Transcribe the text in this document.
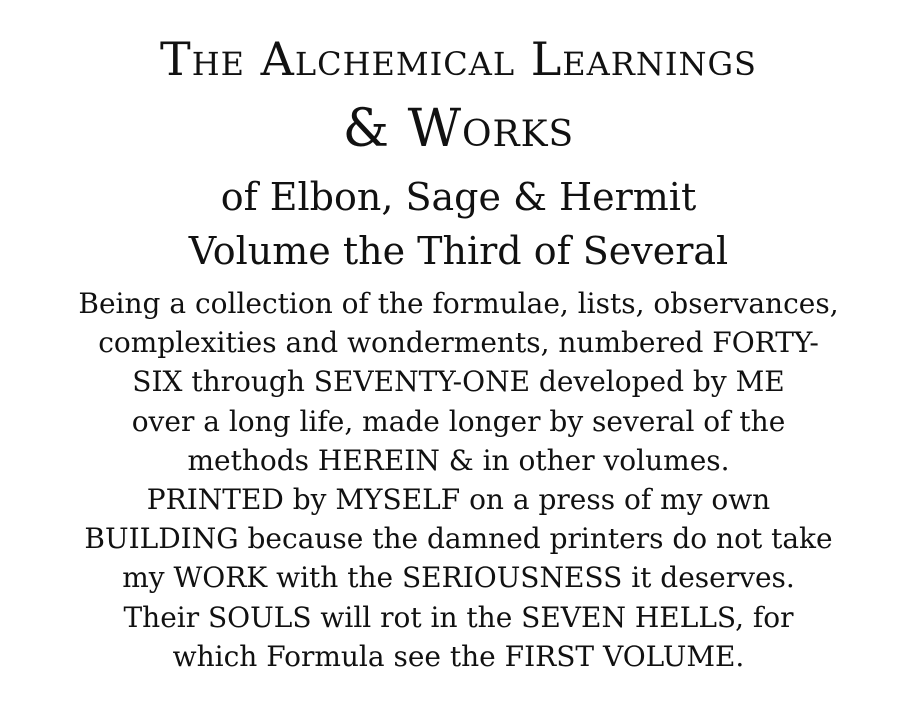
The Alchemical Learnings
& Works
of Elbon, Sage & Hermit
Volume the Third of Several
Being a collection of the formulae, lists, observances,
complexities and wonderments, numbered FORTY-
SIX through SEVENTY-ONE developed by ME
over a long life, made longer by several of the
methods HEREIN & in other volumes.
PRINTED by MYSELF on a press of my own
BUILDING because the damned printers do not take
my WORK with the SERIOUSNESS it deserves.
Their SOULS will rot in the SEVEN HELLS, for
which Formula see the FIRST VOLUME.
